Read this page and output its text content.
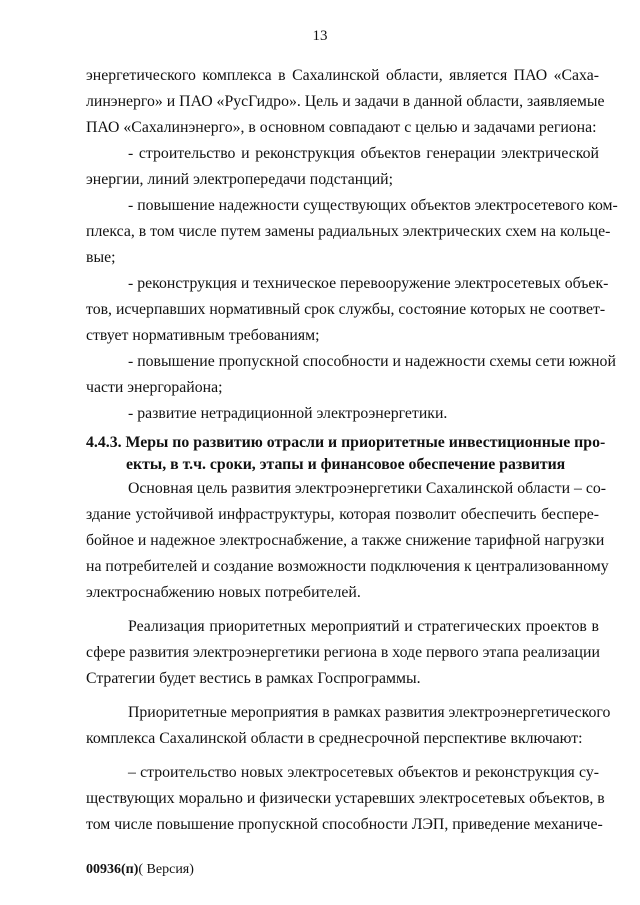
13
энергетического комплекса в Сахалинской области, является ПАО «Саха-
линэнерго» и ПАО «РусГидро». Цель и задачи в данной области, заявляемые
ПАО «Сахалинэнерго», в основном совпадают с целью и задачами региона:
- строительство и реконструкция объектов генерации электрической
энергии, линий электропередачи подстанций;
- повышение надежности существующих объектов электросетевого ком-
плекса, в том числе путем замены радиальных электрических схем на кольце-
вые;
- реконструкция и техническое перевооружение электросетевых объек-
тов, исчерпавших нормативный срок службы, состояние которых не соответ-
ствует нормативным требованиям;
- повышение пропускной способности и надежности схемы сети южной
части энергорайона;
- развитие нетрадиционной электроэнергетики.
4.4.3. Меры по развитию отрасли и приоритетные инвестиционные про-
екты, в т.ч. сроки, этапы и финансовое обеспечение развития
Основная цель развития электроэнергетики Сахалинской области – со-
здание устойчивой инфраструктуры, которая позволит обеспечить беспере-
бойное и надежное электроснабжение, а также снижение тарифной нагрузки
на потребителей и создание возможности подключения к централизованному
электроснабжению новых потребителей.
Реализация приоритетных мероприятий и стратегических проектов в
сфере развития электроэнергетики региона в ходе первого этапа реализации
Стратегии будет вестись в рамках Госпрограммы.
Приоритетные мероприятия в рамках развития электроэнергетического
комплекса Сахалинской области в среднесрочной перспективе включают:
– строительство новых электросетевых объектов и реконструкция су-
ществующих морально и физически устаревших электросетевых объектов, в
том числе повышение пропускной способности ЛЭП, приведение механиче-
00936(п)( Версия)
